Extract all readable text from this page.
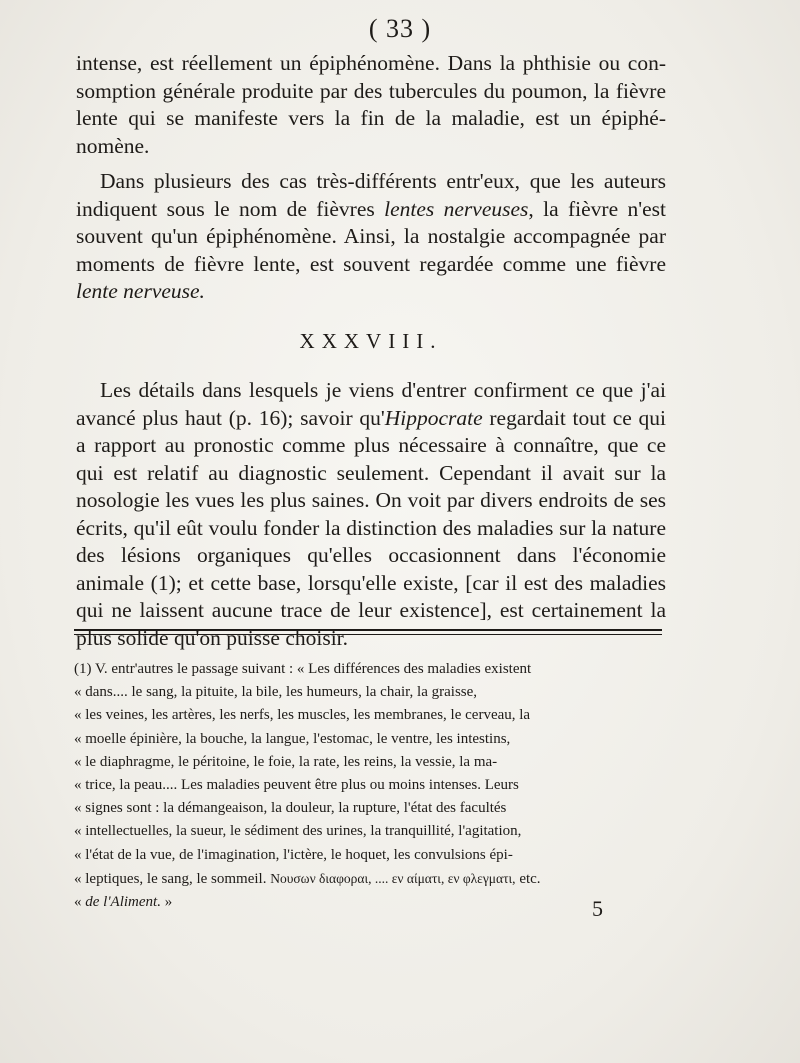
( 33 )

intense, est réellement un épiphénomène. Dans la phthisie ou con- somption générale produite par des tubercules du poumon, la fièvre lente qui se manifeste vers la fin de la maladie, est un épiphé- nomène.

Dans plusieurs des cas très-différents entr'eux, que les auteurs indiquent sous le nom de fièvres lentes nerveuses, la fièvre n'est souvent qu'un épiphénomène. Ainsi, la nostalgie accompagnée par moments de fièvre lente, est souvent regardée comme une fièvre lente nerveuse.

XXXVIII.

Les détails dans lesquels je viens d'entrer confirment ce que j'ai avancé plus haut (p. 16); savoir qu'Hippocrate regardait tout ce qui a rapport au pronostic comme plus nécessaire à connaître, que ce qui est relatif au diagnostic seulement. Cependant il avait sur la nosologie les vues les plus saines. On voit par divers endroits de ses écrits, qu'il eût voulu fonder la distinction des maladies sur la nature des lésions organiques qu'elles occasionnent dans l'économie animale (1); et cette base, lorsqu'elle existe, [car il est des maladies qui ne laissent aucune trace de leur existence], est certainement la plus solide qu'on puisse choisir.

(1) V. entr'autres le passage suivant : « Les différences des maladies existent
« dans.... le sang, la pituite, la bile, les humeurs, la chair, la graisse,
« les veines, les artères, les nerfs, les muscles, les membranes, le cerveau, la
« moelle épinière, la bouche, la langue, l'estomac, le ventre, les intestins,
« le diaphragme, le péritoine, le foie, la rate, les reins, la vessie, la ma-
« trice, la peau.... Les maladies peuvent être plus ou moins intenses. Leurs
« signes sont : la démangeaison, la douleur, la rupture, l'état des facultés
« intellectuelles, la sueur, le sédiment des urines, la tranquillité, l'agitation,
« l'état de la vue, de l'imagination, l'ictère, le hoquet, les convulsions épi-
« leptiques, le sang, le sommeil. Νουσων διαφοραι, .... εν αίματι, εν φλεγματι, etc.
« de l'Aliment. »	5
